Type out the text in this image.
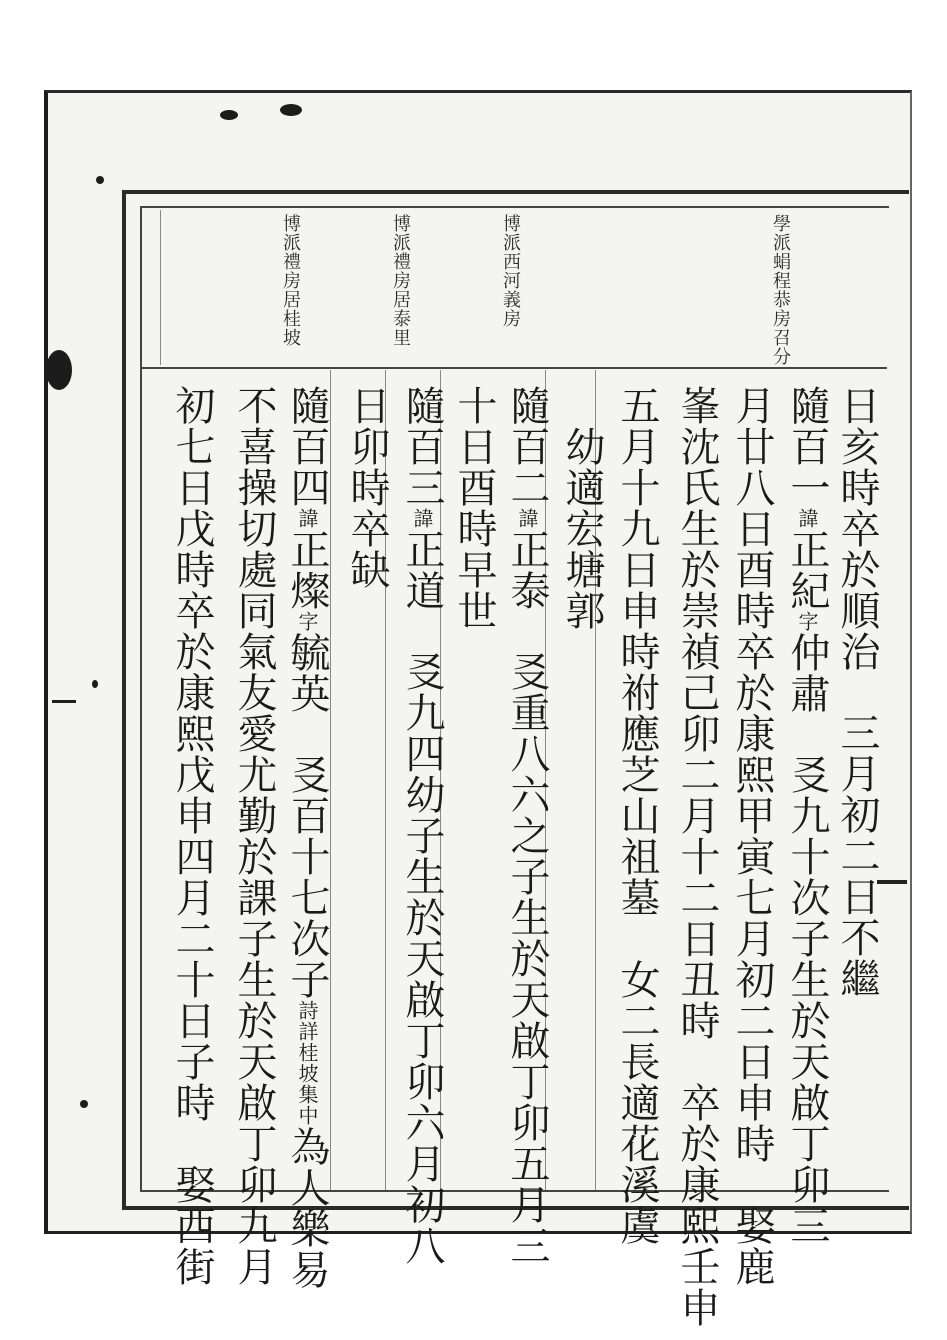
學派蜎程恭房召分
博派西河義房
博派禮房居泰里
博派禮房居桂坡
日亥時卒於順治三月初二日不繼
隨百一諱正紀字仲肅㕛九十次子生於天啟丁卯三
月廿八日酉時卒於康熙甲寅七月初二日申時　娶鹿
峯沈氏生於崇禎己卯二月十二日丑時　卒於康熙壬申
五月十九日申時祔應芝山祖墓　女二長適花溪虞
　幼適宏塘郭
隨百二諱正泰㕛重八六之子生於天啟丁卯五月三
十日酉時早世
隨百三諱正道㕛九四幼子生於天啟丁卯六月初八
日卯時卒缺
隨百四諱正燦字毓英㕛百十七次子詩詳桂坡集中為人樂易
不喜操切處同氣友愛尤勤於課子生於天啟丁卯九月
初七日戊時卒於康熙戊申四月二十日子時　娶西街
